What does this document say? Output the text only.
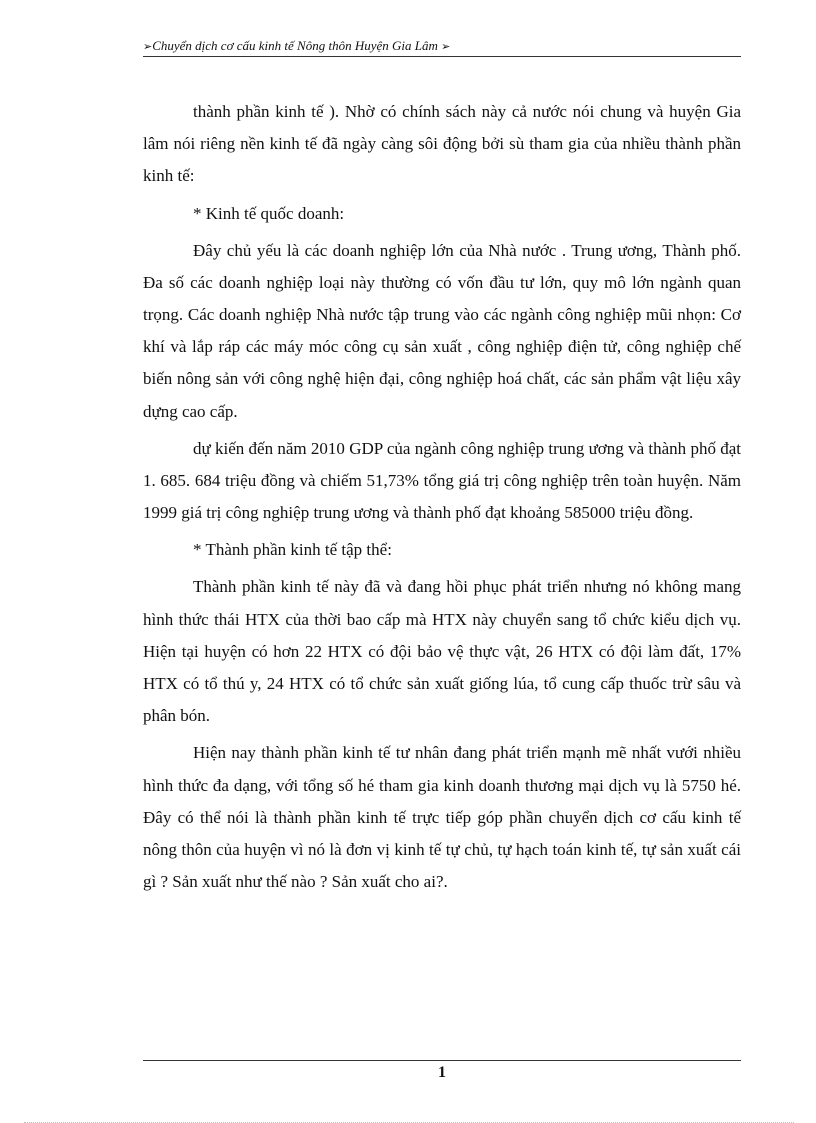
➢Chuyển dịch cơ cấu kinh tế Nông thôn Huyện Gia Lâm ➢

thành phần kinh tế ). Nhờ có chính sách này cả nước nói chung và huyện Gia lâm nói riêng nền kinh tế đã ngày càng sôi động bởi sù tham gia của nhiều thành phần kinh tế:

* Kinh tế quốc doanh:

Đây chủ yếu là các doanh nghiệp lớn của Nhà nước . Trung ương, Thành phố. Đa số các doanh nghiệp loại này thường có vốn đầu tư lớn, quy mô lớn ngành quan trọng. Các doanh nghiệp Nhà nước tập trung vào các ngành công nghiệp mũi nhọn: Cơ khí và lắp ráp các máy móc công cụ sản xuất , công nghiệp điện tử, công nghiệp chế biến nông sản với công nghệ hiện đại, công nghiệp hoá chất, các sản phẩm vật liệu xây dựng cao cấp.

dự kiến đến năm 2010 GDP của ngành công nghiệp trung ương và thành phố đạt 1. 685. 684 triệu đồng và chiếm 51,73% tổng giá trị công nghiệp trên toàn huyện. Năm 1999 giá trị công nghiệp trung ương và thành phố đạt khoảng 585000 triệu đồng.

* Thành phần kinh tế tập thể:

Thành phần kinh tế này đã và đang hồi phục phát triển nhưng nó không mang hình thức thái HTX của thời bao cấp mà HTX này chuyển sang tổ chức kiểu dịch vụ. Hiện tại huyện có hơn 22 HTX có đội bảo vệ thực vật, 26 HTX có đội làm đất, 17% HTX có tổ thú y, 24 HTX có tổ chức sản xuất giống lúa, tổ cung cấp thuốc trừ sâu và phân bón.

Hiện nay thành phần kinh tế tư nhân đang phát triển mạnh mẽ nhất vưới nhiều hình thức đa dạng, với tổng số hé tham gia kinh doanh thương mại dịch vụ là 5750 hé. Đây có thể nói là thành phần kinh tế trực tiếp góp phần chuyển dịch cơ cấu kinh tế nông thôn của huyện vì nó là đơn vị kinh tế tự chủ, tự hạch toán kinh tế, tự sản xuất cái gì ? Sản xuất như thế nào ? Sản xuất cho ai?.

1
